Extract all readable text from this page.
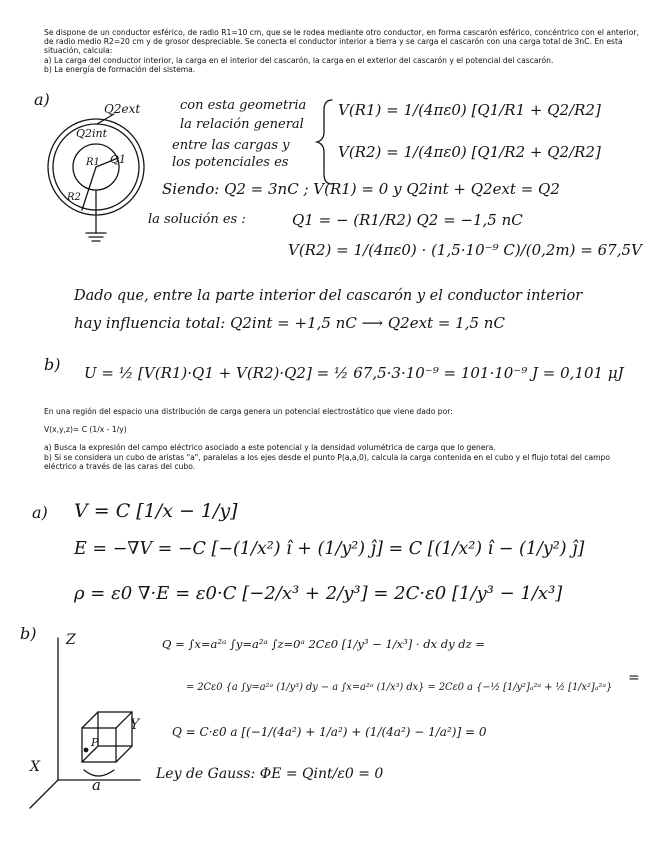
Se dispone de un conductor esférico, de radio R1=10 cm, que se le rodea mediante otro conductor, en forma cascarón esférico, concéntrico con el anterior, de radio medio R2=20 cm y de grosor despreciable. Se conecta el conductor interior a tierra y se carga el cascarón con una carga total de 3nC. En esta situación, calcula:

a) La carga del conductor interior, la carga en el interior del cascarón, la carga en el exterior del cascarón y el potencial del cascarón.

b) La energía de formación del sistema.

a)	Q2ext
Q2int
Q1
R1
R2
con esta geometria
la relación general
entre las cargas y
los potenciales es
V(R1) = 1/(4πε0) [Q1/R1 + Q2/R2]
V(R2) = 1/(4πε0) [Q1/R2 + Q2/R2]
Siendo: Q2 = 3nC ; V(R1) = 0 y Q2int + Q2ext = Q2
la solución es :	Q1 = − (R1/R2) Q2 = −1,5 nC
V(R2) = 1/(4πε0) · (1,5·10⁻⁹ C)/(0,2m) = 67,5V
Dado que, entre la parte interior del cascarón y el conductor interior
hay influencia total: Q2int = +1,5 nC ⟶ Q2ext = 1,5 nC
b) U = ½ [V(R1)·Q1 + V(R2)·Q2] = ½ 67,5·3·10⁻⁹ = 101·10⁻⁹ J = 0,101 μJ

En una región del espacio una distribución de carga genera un potencial electrostático que viene dado por:

V(x,y,z)= C (1/x - 1/y)

a) Busca la expresión del campo eléctrico asociado a este potencial y la densidad volumétrica de carga que lo genera.

b) Si se considera un cubo de aristas "a", paralelas a los ejes desde el punto P(a,a,0), calcula la carga contenida en el cubo y el flujo total del campo eléctrico a través de las caras del cubo.

a) V = C [1/x − 1/y]
E = −∇V = −C [−(1/x²) î + (1/y²) ĵ] = C [(1/x²) î − (1/y²) ĵ]
ρ = ε0 ∇·E = ε0·C [−2/x³ + 2/y³] = 2C·ε0 [1/y³ − 1/x³]
b) Z
Y
X
P
a
Q = ∫x=a²ᵃ ∫y=a²ᵃ ∫z=0ᵃ 2Cε0 [1/y³ − 1/x³] · dx dy dz =
= 2Cε0 {a ∫y=a²ᵃ (1/y³) dy − a ∫x=a²ᵃ (1/x³) dx} = 2Cε0 a {−½ [1/y²]ₐ²ᵃ + ½ [1/x²]ₐ²ᵃ}
=
Q = C·ε0 a [(−1/(4a²) + 1/a²) + (1/(4a²) − 1/a²)] = 0
Ley de Gauss: ΦE = Qint/ε0 = 0
